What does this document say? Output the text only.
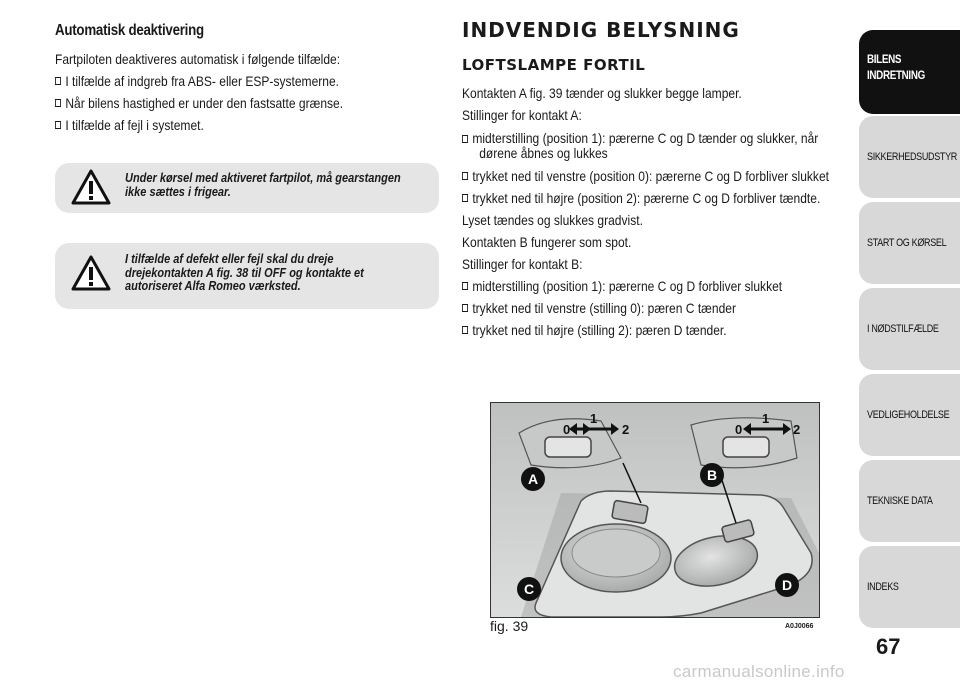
Automatisk deaktivering
Fartpiloten deaktiveres automatisk i følgende tilfælde:
I tilfælde af indgreb fra ABS- eller ESP-systemerne.
Når bilens hastighed er under den fastsatte grænse.
I tilfælde af fejl i systemet.
Under kørsel med aktiveret fartpilot, må gearstangen
ikke sættes i frigear.
I tilfælde af defekt eller fejl skal du dreje
drejekontakten A fig. 38 til OFF og kontakte et
autoriseret Alfa Romeo værksted.
INDVENDIG BELYSNING
LOFTSLAMPE FORTIL
Kontakten A fig. 39 tænder og slukker begge lamper.
Stillinger for kontakt A:
midterstilling (position 1): pærerne C og D tænder og slukker, når
dørene åbnes og lukkes
trykket ned til venstre (position 0): pærerne C og D forbliver slukket
trykket ned til højre (position 2): pærerne C og D forbliver tændte.
Lyset tændes og slukkes gradvist.
Kontakten B fungerer som spot.
Stillinger for kontakt B:
midterstilling (position 1): pærerne C og D forbliver slukket
trykket ned til venstre (stilling 0): pæren C tænder
trykket ned til højre (stilling 2): pæren D tænder.
A	B
C	D
0
1
2	0
1
2
fig. 39	A0J0066
BILENS
INDRETNING
SIKKERHEDSUDSTYR
START OG KØRSEL
I NØDSTILFÆLDE
VEDLIGEHOLDELSE
TEKNISKE DATA
INDEKS
67
carmanualsonline.info
